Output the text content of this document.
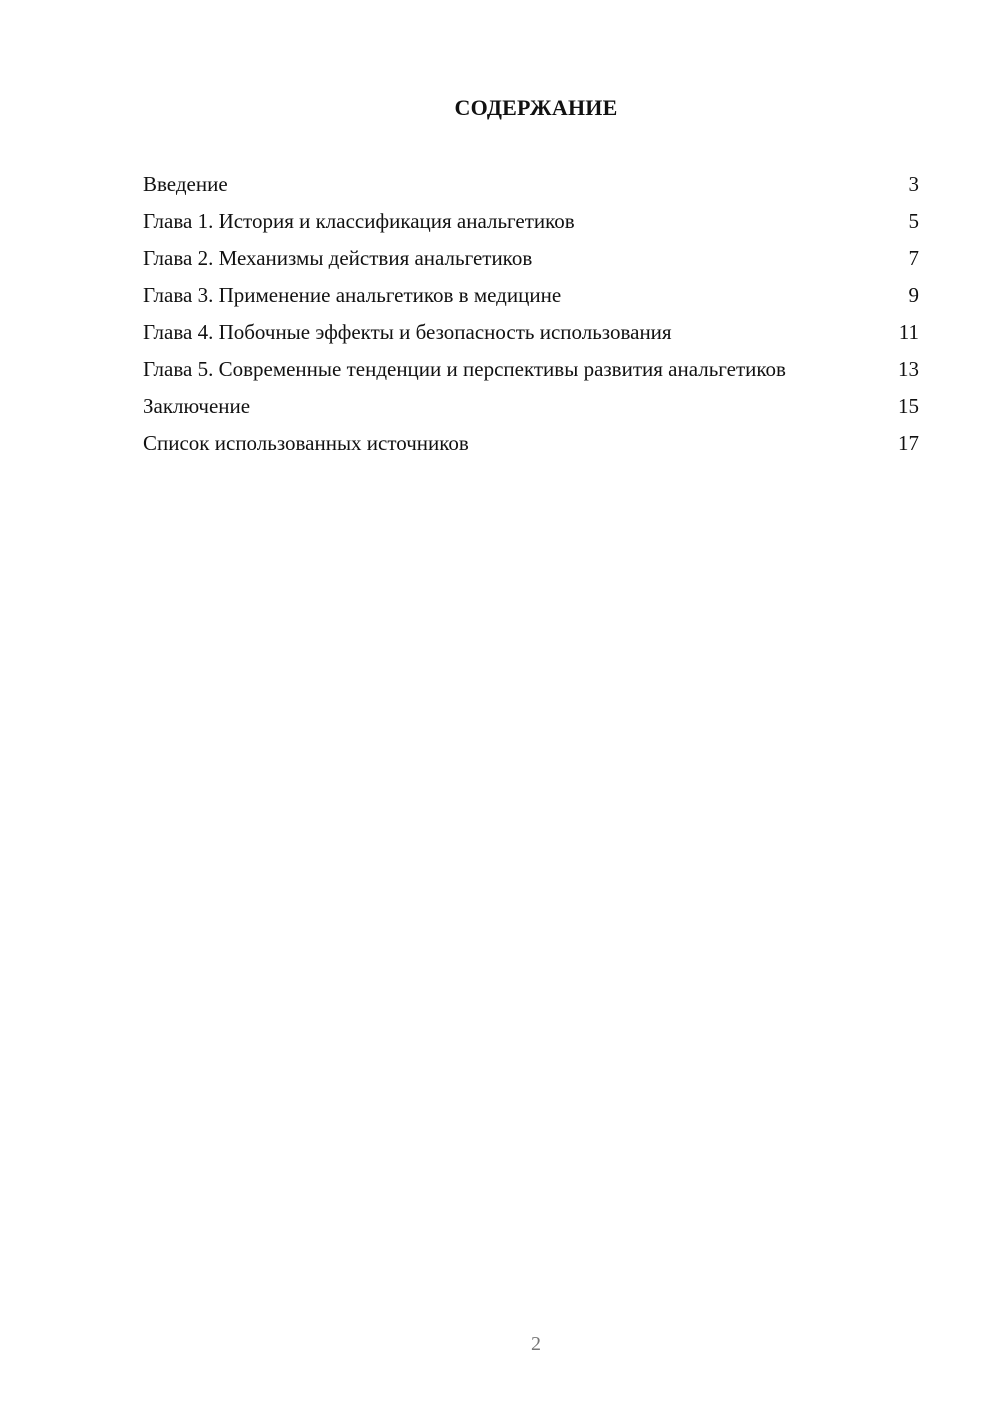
СОДЕРЖАНИЕ
Введение	3
Глава 1. История и классификация анальгетиков	5
Глава 2. Механизмы действия анальгетиков	7
Глава 3. Применение анальгетиков в медицине	9
Глава 4. Побочные эффекты и безопасность использования	11
Глава 5. Современные тенденции и перспективы развития анальгетиков	13
Заключение	15
Список использованных источников	17
2
